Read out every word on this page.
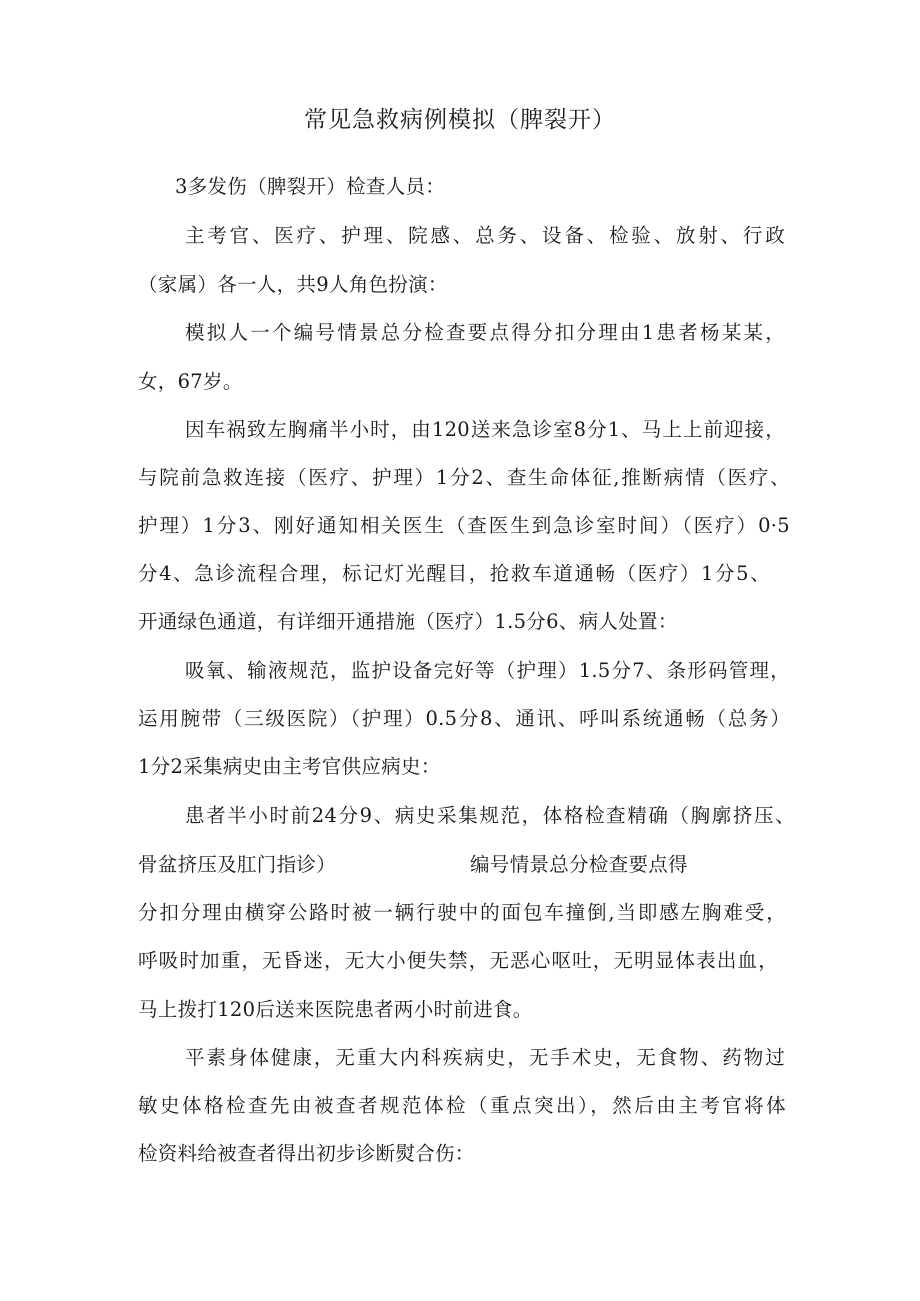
常见急救病例模拟（脾裂开）
3多发伤（脾裂开）检查人员：
主考官、医疗、护理、院感、总务、设备、检验、放射、行政
（家属）各一人，共9人角色扮演：
模拟人一个编号情景总分检查要点得分扣分理由1患者杨某某，
女，67岁。
因车祸致左胸痛半小时，由120送来急诊室8分1、马上上前迎接，
与院前急救连接（医疗、护理）1分2、查生命体征,推断病情（医疗、
护理）1分3、刚好通知相关医生（查医生到急诊室时间）（医疗）0·5
分4、急诊流程合理，标记灯光醒目，抢救车道通畅（医疗）1分5、
开通绿色通道，有详细开通措施（医疗）1.5分6、病人处置：
吸氧、输液规范，监护设备完好等（护理）1.5分7、条形码管理，
运用腕带（三级医院）（护理）0.5分8、通讯、呼叫系统通畅（总务）
1分2采集病史由主考官供应病史：
患者半小时前24分9、病史采集规范，体格检查精确（胸廓挤压、
骨盆挤压及肛门指诊）	编号情景总分检查要点得
分扣分理由横穿公路时被一辆行驶中的面包车撞倒,当即感左胸难受，
呼吸时加重，无昏迷，无大小便失禁，无恶心呕吐，无明显体表出血，
马上拨打120后送来医院患者两小时前进食。
平素身体健康，无重大内科疾病史，无手术史，无食物、药物过
敏史体格检查先由被查者规范体检（重点突出），然后由主考官将体
检资料给被查者得出初步诊断熨合伤：
